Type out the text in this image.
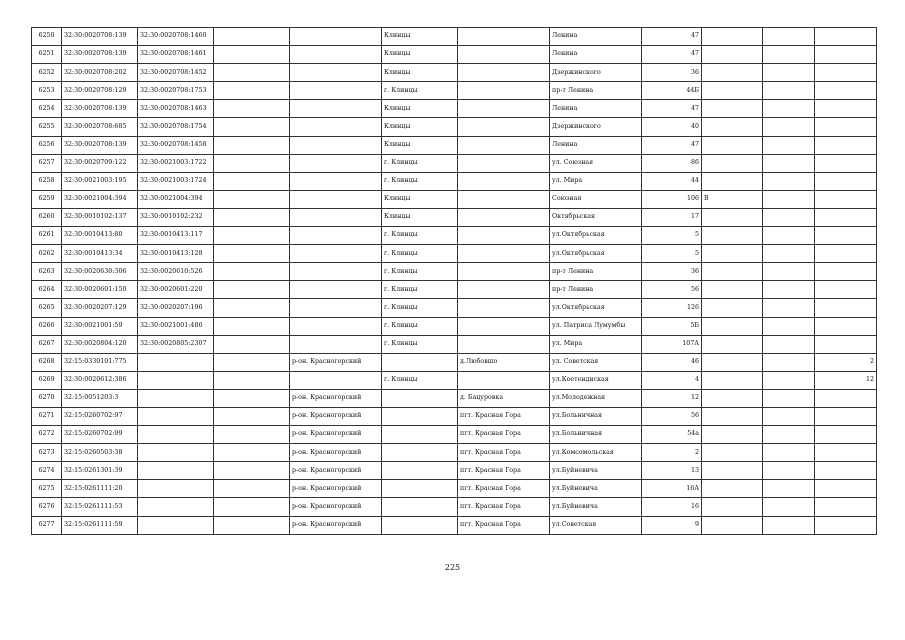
6250	32:30:0020708:139	32:30:0020708:1460			Клинцы		Ленина	47			
6251	32:30:0020708:139	32:30:0020708:1461			Клинцы		Ленина	47			
6252	32:30:0020708:202	32:30:0020708:1452			Клинцы		Дзержинского	36			
6253	32:30:0020708:129	32:30:0020708:1753			г. Клинцы		пр-т Ленина	44Б			
6254	32:30:0020708:139	32:30:0020708:1463			Клинцы		Ленина	47			
6255	32:30:0020708:685	32:30:0020708:1754			Клинцы		Дзержинского	40			
6256	32:30:0020708:139	32:30:0020708:1458			Клинцы		Ленина	47			
6257	32:30:0020709:122	32:30:0021003:1722			г. Клинцы		ул. Союзная	86			
6258	32:30:0021003:195	32:30:0021003:1724			г. Клинцы		ул. Мира	44			
6259	32:30:0021004:394	32:30:0021004:394			Клинцы		Союзная	106	В		
6260	32:30:0010102:137	32:30:0010102:232			Клинцы		Октябрьская	17			
6261	32:30:0010413:80	32:30:0010413:117			г. Клинцы		ул.Октябрьская	5			
6262	32:30:0010413:34	32:30:0010413:128			г. Клинцы		ул.Октябрьская	5			
6263	32:30:0020630:306	32:30:0020610:526			г. Клинцы		пр-т Ленина	36			
6264	32:30:0020601:150	32:30:0020601:220			г. Клинцы		пр-т Ленина	56			
6265	32:30:0020207:129	32:30:0020207:196			г. Клинцы		ул.Октябрьская	126			
6266	32:30:0021001:59	32:30:0021001:486			г. Клинцы		ул. Патриса Лумумбы	5Б			
6267	32:30:0020804:120	32:30:0020805:2307			г. Клинцы		ул. Мира	107А			
6268	32:15:0330101:775			р-он. Красногорский		д.Любовшо	ул. Советская	46			2
6269	32:30:0020612:386				г. Клинцы		ул.Коетендиская	4			12
6270	32:15:0051203:3			р-он. Красногорский		д. Бацуровка	ул.Молодежная	12			
6271	32:15:0260702:97			р-он. Красногорский		пгт. Красная Гора	ул.Больничная	56			
6272	32:15:0260702:99			р-он. Красногорский		пгт. Красная Гора	ул.Больничная	54а			
6273	32:15:0260503:38			р-он. Красногорский		пгт. Красная Гора	ул.Комсомольская	2			
6274	32:15:0261301:39			р-он. Красногорский		пгт. Красная Гора	ул.Буйневича	13			
6275	32:15:0261111:20			р-он. Красногорский		пгт. Красная Гора	ул.Буйневича	16А			
6276	32:15:0261111:53			р-он. Красногорский		пгт. Красная Гора	ул.Буйневича	16			
6277	32:15:0261111:59			р-он. Красногорский		пгт. Красная Гора	ул.Советская	9			
225
